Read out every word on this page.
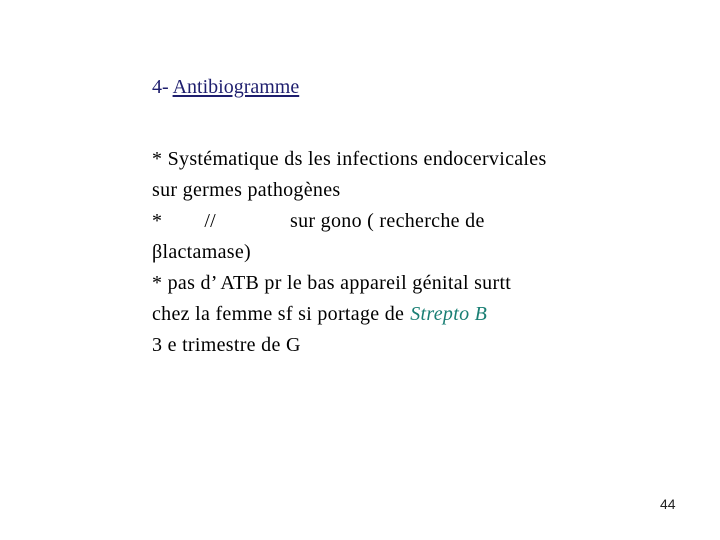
4- Antibiogramme
* Systématique ds les infections endocervicales
sur germes pathogènes
* //	sur gono ( recherche de
βlactamase)
* pas d’ ATB pr le bas appareil génital surtt
chez la femme sf si portage de Strepto B
3 e trimestre de G
44
